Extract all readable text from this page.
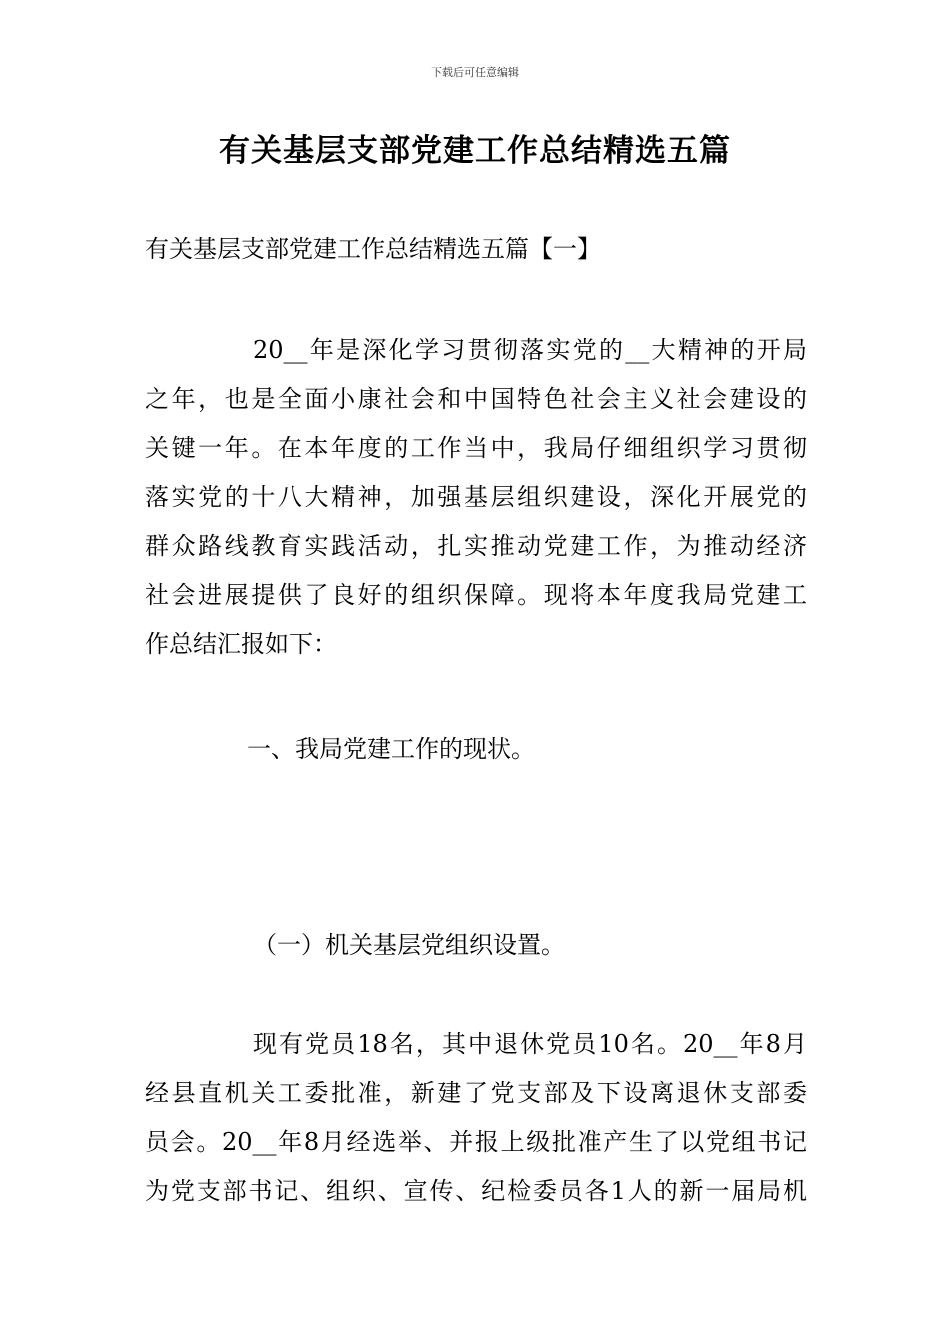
下载后可任意编辑
有关基层支部党建工作总结精选五篇
有关基层支部党建工作总结精选五篇【一】
20__年是深化学习贯彻落实党的__大精神的开局
之年，也是全面小康社会和中国特色社会主义社会建设的
关键一年。在本年度的工作当中，我局仔细组织学习贯彻
落实党的十八大精神，加强基层组织建设，深化开展党的
群众路线教育实践活动，扎实推动党建工作，为推动经济
社会进展提供了良好的组织保障。现将本年度我局党建工
作总结汇报如下：
一、我局党建工作的现状。
（一）机关基层党组织设置。
现有党员18名，其中退休党员10名。20__年8月
经县直机关工委批准，新建了党支部及下设离退休支部委
员会。20__年8月经选举、并报上级批准产生了以党组书记
为党支部书记、组织、宣传、纪检委员各1人的新一届局机
